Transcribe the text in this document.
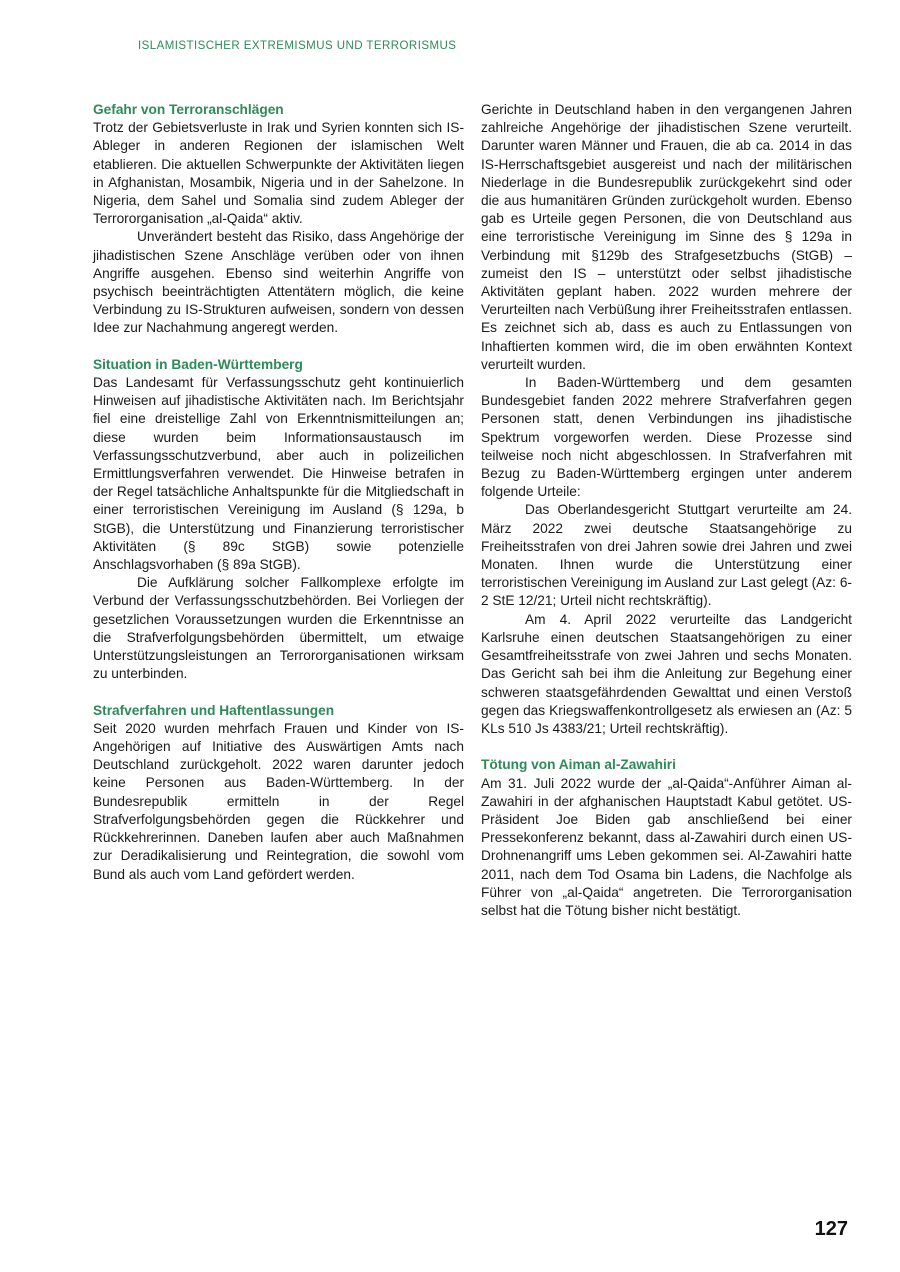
ISLAMISTISCHER EXTREMISMUS UND TERRORISMUS
Gefahr von Terroranschlägen

Trotz der Gebietsverluste in Irak und Syrien konnten sich IS-Ableger in anderen Regionen der islamischen Welt etablieren. Die aktuellen Schwerpunkte der Aktivitäten liegen in Afghanistan, Mosambik, Nigeria und in der Sahelzone. In Nigeria, dem Sahel und Somalia sind zudem Ableger der Terrororganisation „al-Qaida“ aktiv.

Unverändert besteht das Risiko, dass Angehörige der jihadistischen Szene Anschläge verüben oder von ihnen Angriffe ausgehen. Ebenso sind weiterhin Angriffe von psychisch beeinträchtigten Attentätern möglich, die keine Verbindung zu IS-Strukturen aufweisen, sondern von dessen Idee zur Nachahmung angeregt werden.

Situation in Baden-Württemberg

Das Landesamt für Verfassungsschutz geht kontinuierlich Hinweisen auf jihadistische Aktivitäten nach. Im Berichtsjahr fiel eine dreistellige Zahl von Erkenntnismitteilungen an; diese wurden beim Informationsaustausch im Verfassungsschutzverbund, aber auch in polizeilichen Ermittlungsverfahren verwendet. Die Hinweise betrafen in der Regel tatsächliche Anhaltspunkte für die Mitgliedschaft in einer terroristischen Vereinigung im Ausland (§ 129a, b StGB), die Unterstützung und Finanzierung terroristischer Aktivitäten (§ 89c StGB) sowie potenzielle Anschlagsvorhaben (§ 89a StGB).

Die Aufklärung solcher Fallkomplexe erfolgte im Verbund der Verfassungsschutzbehörden. Bei Vorliegen der gesetzlichen Voraussetzungen wurden die Erkenntnisse an die Strafverfolgungsbehörden übermittelt, um etwaige Unterstützungsleistungen an Terrororganisationen wirksam zu unterbinden.

Strafverfahren und Haftentlassungen

Seit 2020 wurden mehrfach Frauen und Kinder von IS-Angehörigen auf Initiative des Auswärtigen Amts nach Deutschland zurückgeholt. 2022 waren darunter jedoch keine Personen aus Baden-Württemberg. In der Bundesrepublik ermitteln in der Regel Strafverfolgungsbehörden gegen die Rückkehrer und Rückkehrerinnen. Daneben laufen aber auch Maßnahmen zur Deradikalisierung und Reintegration, die sowohl vom Bund als auch vom Land gefördert werden.

Gerichte in Deutschland haben in den vergangenen Jahren zahlreiche Angehörige der jihadistischen Szene verurteilt. Darunter waren Männer und Frauen, die ab ca. 2014 in das IS-Herrschaftsgebiet ausgereist und nach der militärischen Niederlage in die Bundesrepublik zurückgekehrt sind oder die aus humanitären Gründen zurückgeholt wurden. Ebenso gab es Urteile gegen Personen, die von Deutschland aus eine terroristische Vereinigung im Sinne des § 129a in Verbindung mit §129b des Strafgesetzbuchs (StGB) – zumeist den IS – unterstützt oder selbst jihadistische Aktivitäten geplant haben. 2022 wurden mehrere der Verurteilten nach Verbüßung ihrer Freiheitsstrafen entlassen. Es zeichnet sich ab, dass es auch zu Entlassungen von Inhaftierten kommen wird, die im oben erwähnten Kontext verurteilt wurden.

In Baden-Württemberg und dem gesamten Bundesgebiet fanden 2022 mehrere Strafverfahren gegen Personen statt, denen Verbindungen ins jihadistische Spektrum vorgeworfen werden. Diese Prozesse sind teilweise noch nicht abgeschlossen. In Strafverfahren mit Bezug zu Baden-Württemberg ergingen unter anderem folgende Urteile:

Das Oberlandesgericht Stuttgart verurteilte am 24. März 2022 zwei deutsche Staatsangehörige zu Freiheitsstrafen von drei Jahren sowie drei Jahren und zwei Monaten. Ihnen wurde die Unterstützung einer terroristischen Vereinigung im Ausland zur Last gelegt (Az: 6-2 StE 12/21; Urteil nicht rechtskräftig).

Am 4. April 2022 verurteilte das Landgericht Karlsruhe einen deutschen Staatsangehörigen zu einer Gesamtfreiheitsstrafe von zwei Jahren und sechs Monaten. Das Gericht sah bei ihm die Anleitung zur Begehung einer schweren staatsgefährdenden Gewalttat und einen Verstoß gegen das Kriegswaffenkontrollgesetz als erwiesen an (Az: 5 KLs 510 Js 4383/21; Urteil rechtskräftig).

Tötung von Aiman al-Zawahiri

Am 31. Juli 2022 wurde der „al-Qaida“-Anführer Aiman al-Zawahiri in der afghanischen Hauptstadt Kabul getötet. US-Präsident Joe Biden gab anschließend bei einer Pressekonferenz bekannt, dass al-Zawahiri durch einen US-Drohnenangriff ums Leben gekommen sei. Al-Zawahiri hatte 2011, nach dem Tod Osama bin Ladens, die Nachfolge als Führer von „al-Qaida“ angetreten. Die Terrororganisation selbst hat die Tötung bisher nicht bestätigt.

127
